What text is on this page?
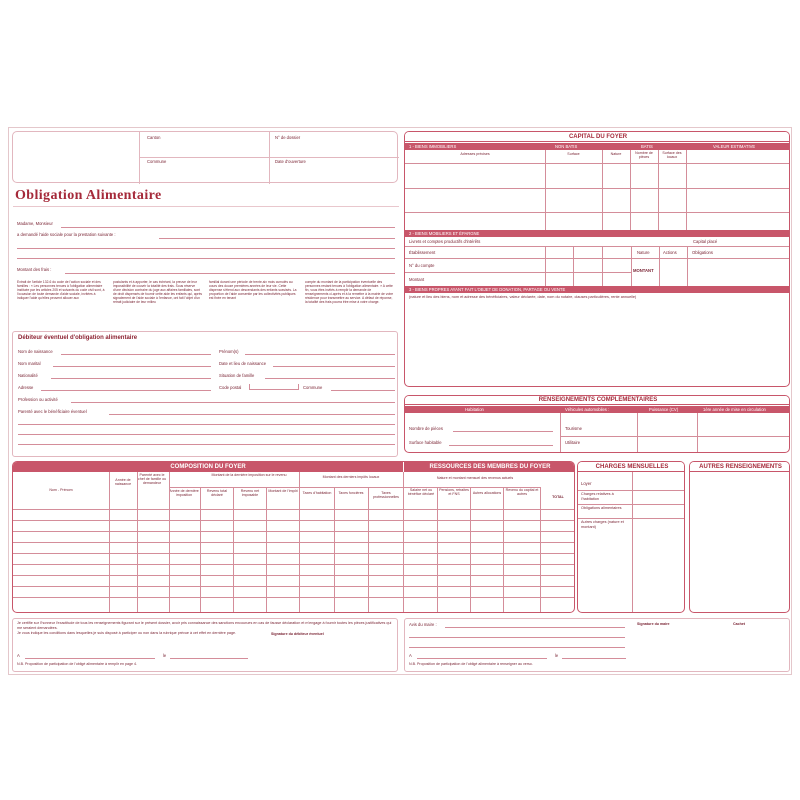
Canton
Commune
N° de dossier
Date d'ouverture
Obligation Alimentaire
Madame, Monsieur
a demandé l'aide sociale pour la prestation suivante :
Montant des frais :
Extrait de l'article 132-6 du code de l'action sociale et des familles : « Les personnes tenues à l'obligation alimentaire instituée par les articles 205 et suivants du code civil sont, à l'occasion de toute demande d'aide sociale, invitées à indiquer l'aide qu'elles peuvent allouer aux
postulants et à apporter, le cas échéant, la preuve de leur impossibilité de couvrir la totalité des frais. Sous réserve d'une décision contraire du juge aux affaires familiales, sont de droit dispensés de fournir cette aide les enfants qui, après signalement de l'aide sociale à l'enfance, ont fait l'objet d'un retrait judiciaire de leur milieu
familial durant une période de trente-six mois cumulés au cours des douze premières années de leur vie. Cette dispense s'étend aux descendants des enfants susvisés. La proportion de l'aide consentie par les collectivités publiques est fixée en tenant
compte du montant de la participation éventuelle des personnes restant tenues à l'obligation alimentaire. » A cette fin, vous êtes invités à remplir la demande de renseignements ci-après et à la remettre à la mairie de votre résidence pour transmettre au service. A défaut de réponse, la totalité des frais pourra être mise à votre charge.
Débiteur éventuel d'obligation alimentaire
Nom de naissance	Prénom(s)
Nom marital	Date et lieu de naissance
Nationalité	Situation de famille
Adresse	Code postal	Commune
Profession ou activité
Parenté avec le bénéficiaire éventuel
CAPITAL DU FOYER
1 - BIENS IMMOBILIERS	NON BATIS	BATIS	VALEUR ESTIMATIVE
Adresses précises	Surface	Nature	Nombre de pièces
Surface des locaux
2 - BIENS MOBILIERS ET ÉPARGNE
Livrets et comptes productifs d'intérêts	Capital placé
Établissement	Nature	Actions	Obligations
N° du compte
MONTANT
Montant
3 - BIENS PROPRES AYANT FAIT L'OBJET DE DONATION, PARTAGE OU VENTE
(nature et lieu des biens, nom et adresse des bénéficiaires, valeur déclarée, date, nom du notaire, clauses particulières, rente annuelle)
RENSEIGNEMENTS COMPLÉMENTAIRES
Habitation	Véhicules automobiles :	Puissance (CV)	1ère année de mise en circulation
Nombre de pièces
Surface habitable
Tourisme
Utilitaire
COMPOSITION DU FOYER	RESSOURCES DES MEMBRES DU FOYER
Nom - Prénom
Année de naissance
Parenté avec le chef de famille ou demandeur
Montant de la dernière imposition sur le revenu
Année de dernière imposition
Revenu total déclaré
Revenu net imposable
Montant de l'impôt
Montant des derniers impôts locaux
Taxes d'habitation	Taxes foncières	Taxes professionnelles
Nature et montant mensuel des revenus actuels
Salaire net ou bénéfice déclaré
Pensions, retraites et FNS	Autres allocations
Revenu du capital et autres
TOTAL
CHARGES MENSUELLES
Loyer
Charges relatives à l'habitation
Obligations alimentaires
Autres charges (nature et montant)
AUTRES RENSEIGNEMENTS
Je certifie sur l'honneur l'exactitude de tous les renseignements figurant sur le présent dossier, avoir pris connaissance des sanctions encourues en cas de fausse déclaration et m'engage à fournir toutes les pièces justificatives qui me seraient demandées.
Je vous indique les conditions dans lesquelles je suis disposé à participer ou non dans la rubrique prévue à cet effet en dernière page.	Signature du débiteur éventuel
A	le
N.B. Proposition de participation de l'obligé alimentaire à remplir en page 4.
Avis du maire :	Signature du maire	Cachet
A	le
N.B. Proposition de participation de l'obligé alimentaire à renseigner au verso.
